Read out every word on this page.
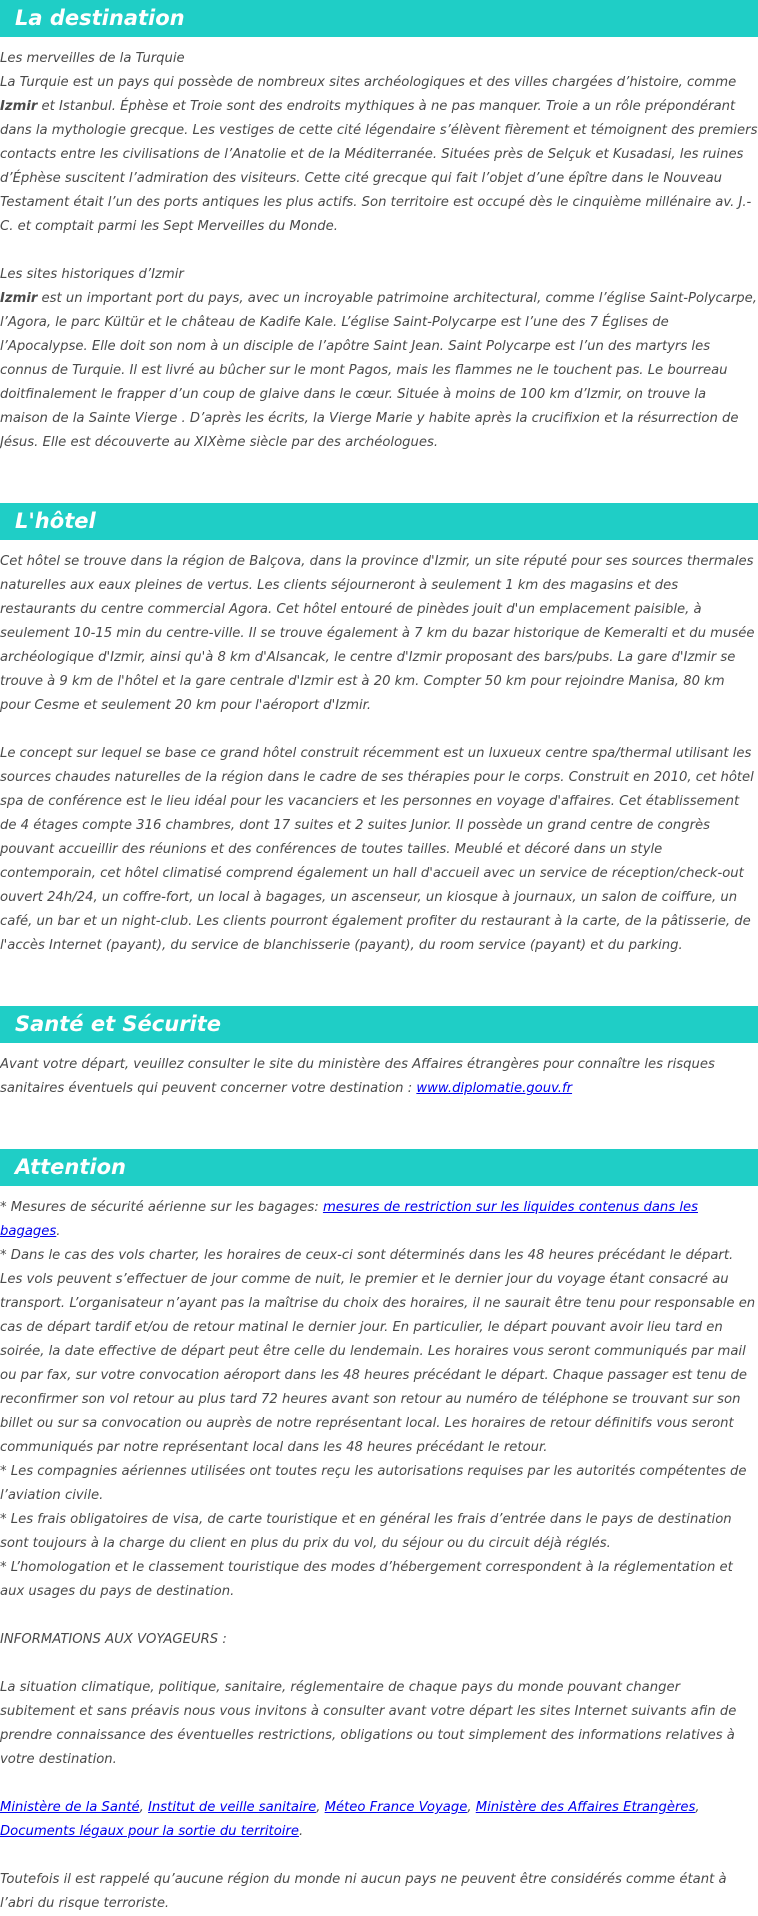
La destination

Les merveilles de la Turquie

La Turquie est un pays qui possède de nombreux sites archéologiques et des villes chargées d’histoire, comme Izmir et Istanbul. Éphèse et Troie sont des endroits mythiques à ne pas manquer. Troie a un rôle prépondérant dans la mythologie grecque. Les vestiges de cette cité légendaire s’élèvent fièrement et témoignent des premiers contacts entre les civilisations de l’Anatolie et de la Méditerranée. Situées près de Selçuk et Kusadasi, les ruines d’Éphèse suscitent l’admiration des visiteurs. Cette cité grecque qui fait l’objet d’une épître dans le Nouveau Testament était l’un des ports antiques les plus actifs. Son territoire est occupé dès le cinquième millénaire av. J.-C. et comptait parmi les Sept Merveilles du Monde.

Les sites historiques d’Izmir

Izmir est un important port du pays, avec un incroyable patrimoine architectural, comme l’église Saint-Polycarpe, l’Agora, le parc Kültür et le château de Kadife Kale. L’église Saint-Polycarpe est l’une des 7 Églises de l’Apocalypse. Elle doit son nom à un disciple de l’apôtre Saint Jean. Saint Polycarpe est l’un des martyrs les connus de Turquie. Il est livré au bûcher sur le mont Pagos, mais les flammes ne le touchent pas. Le bourreau doitfinalement le frapper d’un coup de glaive dans le cœur. Située à moins de 100 km d’Izmir, on trouve la maison de la Sainte Vierge . D’après les écrits, la Vierge Marie y habite après la crucifixion et la résurrection de Jésus. Elle est découverte au XIXème siècle par des archéologues.

L'hôtel

Cet hôtel se trouve dans la région de Balçova, dans la province d'Izmir, un site réputé pour ses sources thermales naturelles aux eaux pleines de vertus. Les clients séjourneront à seulement 1 km des magasins et des restaurants du centre commercial Agora. Cet hôtel entouré de pinèdes jouit d'un emplacement paisible, à seulement 10-15 min du centre-ville. Il se trouve également à 7 km du bazar historique de Kemeralti et du musée archéologique d'Izmir, ainsi qu'à 8 km d'Alsancak, le centre d'Izmir proposant des bars/pubs. La gare d'Izmir se trouve à 9 km de l'hôtel et la gare centrale d'Izmir est à 20 km. Compter 50 km pour rejoindre Manisa, 80 km pour Cesme et seulement 20 km pour l'aéroport d'Izmir.

Le concept sur lequel se base ce grand hôtel construit récemment est un luxueux centre spa/thermal utilisant les sources chaudes naturelles de la région dans le cadre de ses thérapies pour le corps. Construit en 2010, cet hôtel spa de conférence est le lieu idéal pour les vacanciers et les personnes en voyage d'affaires. Cet établissement de 4 étages compte 316 chambres, dont 17 suites et 2 suites Junior. Il possède un grand centre de congrès pouvant accueillir des réunions et des conférences de toutes tailles. Meublé et décoré dans un style contemporain, cet hôtel climatisé comprend également un hall d'accueil avec un service de réception/check-out ouvert 24h/24, un coffre-fort, un local à bagages, un ascenseur, un kiosque à journaux, un salon de coiffure, un café, un bar et un night-club. Les clients pourront également profiter du restaurant à la carte, de la pâtisserie, de l'accès Internet (payant), du service de blanchisserie (payant), du room service (payant) et du parking.

Santé et Sécurite

Avant votre départ, veuillez consulter le site du ministère des Affaires étrangères pour connaître les risques sanitaires éventuels qui peuvent concerner votre destination : www.diplomatie.gouv.fr

Attention

* Mesures de sécurité aérienne sur les bagages: mesures de restriction sur les liquides contenus dans les bagages.

* Dans le cas des vols charter, les horaires de ceux-ci sont déterminés dans les 48 heures précédant le départ. Les vols peuvent s’effectuer de jour comme de nuit, le premier et le dernier jour du voyage étant consacré au transport. L’organisateur n’ayant pas la maîtrise du choix des horaires, il ne saurait être tenu pour responsable en cas de départ tardif et/ou de retour matinal le dernier jour. En particulier, le départ pouvant avoir lieu tard en soirée, la date effective de départ peut être celle du lendemain. Les horaires vous seront communiqués par mail ou par fax, sur votre convocation aéroport dans les 48 heures précédant le départ. Chaque passager est tenu de reconfirmer son vol retour au plus tard 72 heures avant son retour au numéro de téléphone se trouvant sur son billet ou sur sa convocation ou auprès de notre représentant local. Les horaires de retour définitifs vous seront communiqués par notre représentant local dans les 48 heures précédant le retour.

* Les compagnies aériennes utilisées ont toutes reçu les autorisations requises par les autorités compétentes de l’aviation civile.

* Les frais obligatoires de visa, de carte touristique et en général les frais d’entrée dans le pays de destination sont toujours à la charge du client en plus du prix du vol, du séjour ou du circuit déjà réglés.

* L’homologation et le classement touristique des modes d’hébergement correspondent à la réglementation et aux usages du pays de destination.

INFORMATIONS AUX VOYAGEURS :

La situation climatique, politique, sanitaire, réglementaire de chaque pays du monde pouvant changer subitement et sans préavis nous vous invitons à consulter avant votre départ les sites Internet suivants afin de prendre connaissance des éventuelles restrictions, obligations ou tout simplement des informations relatives à votre destination.

Ministère de la Santé, Institut de veille sanitaire, Méteo France Voyage, Ministère des Affaires Etrangères, Documents légaux pour la sortie du territoire.

Toutefois il est rappelé qu’aucune région du monde ni aucun pays ne peuvent être considérés comme étant à l’abri du risque terroriste.
